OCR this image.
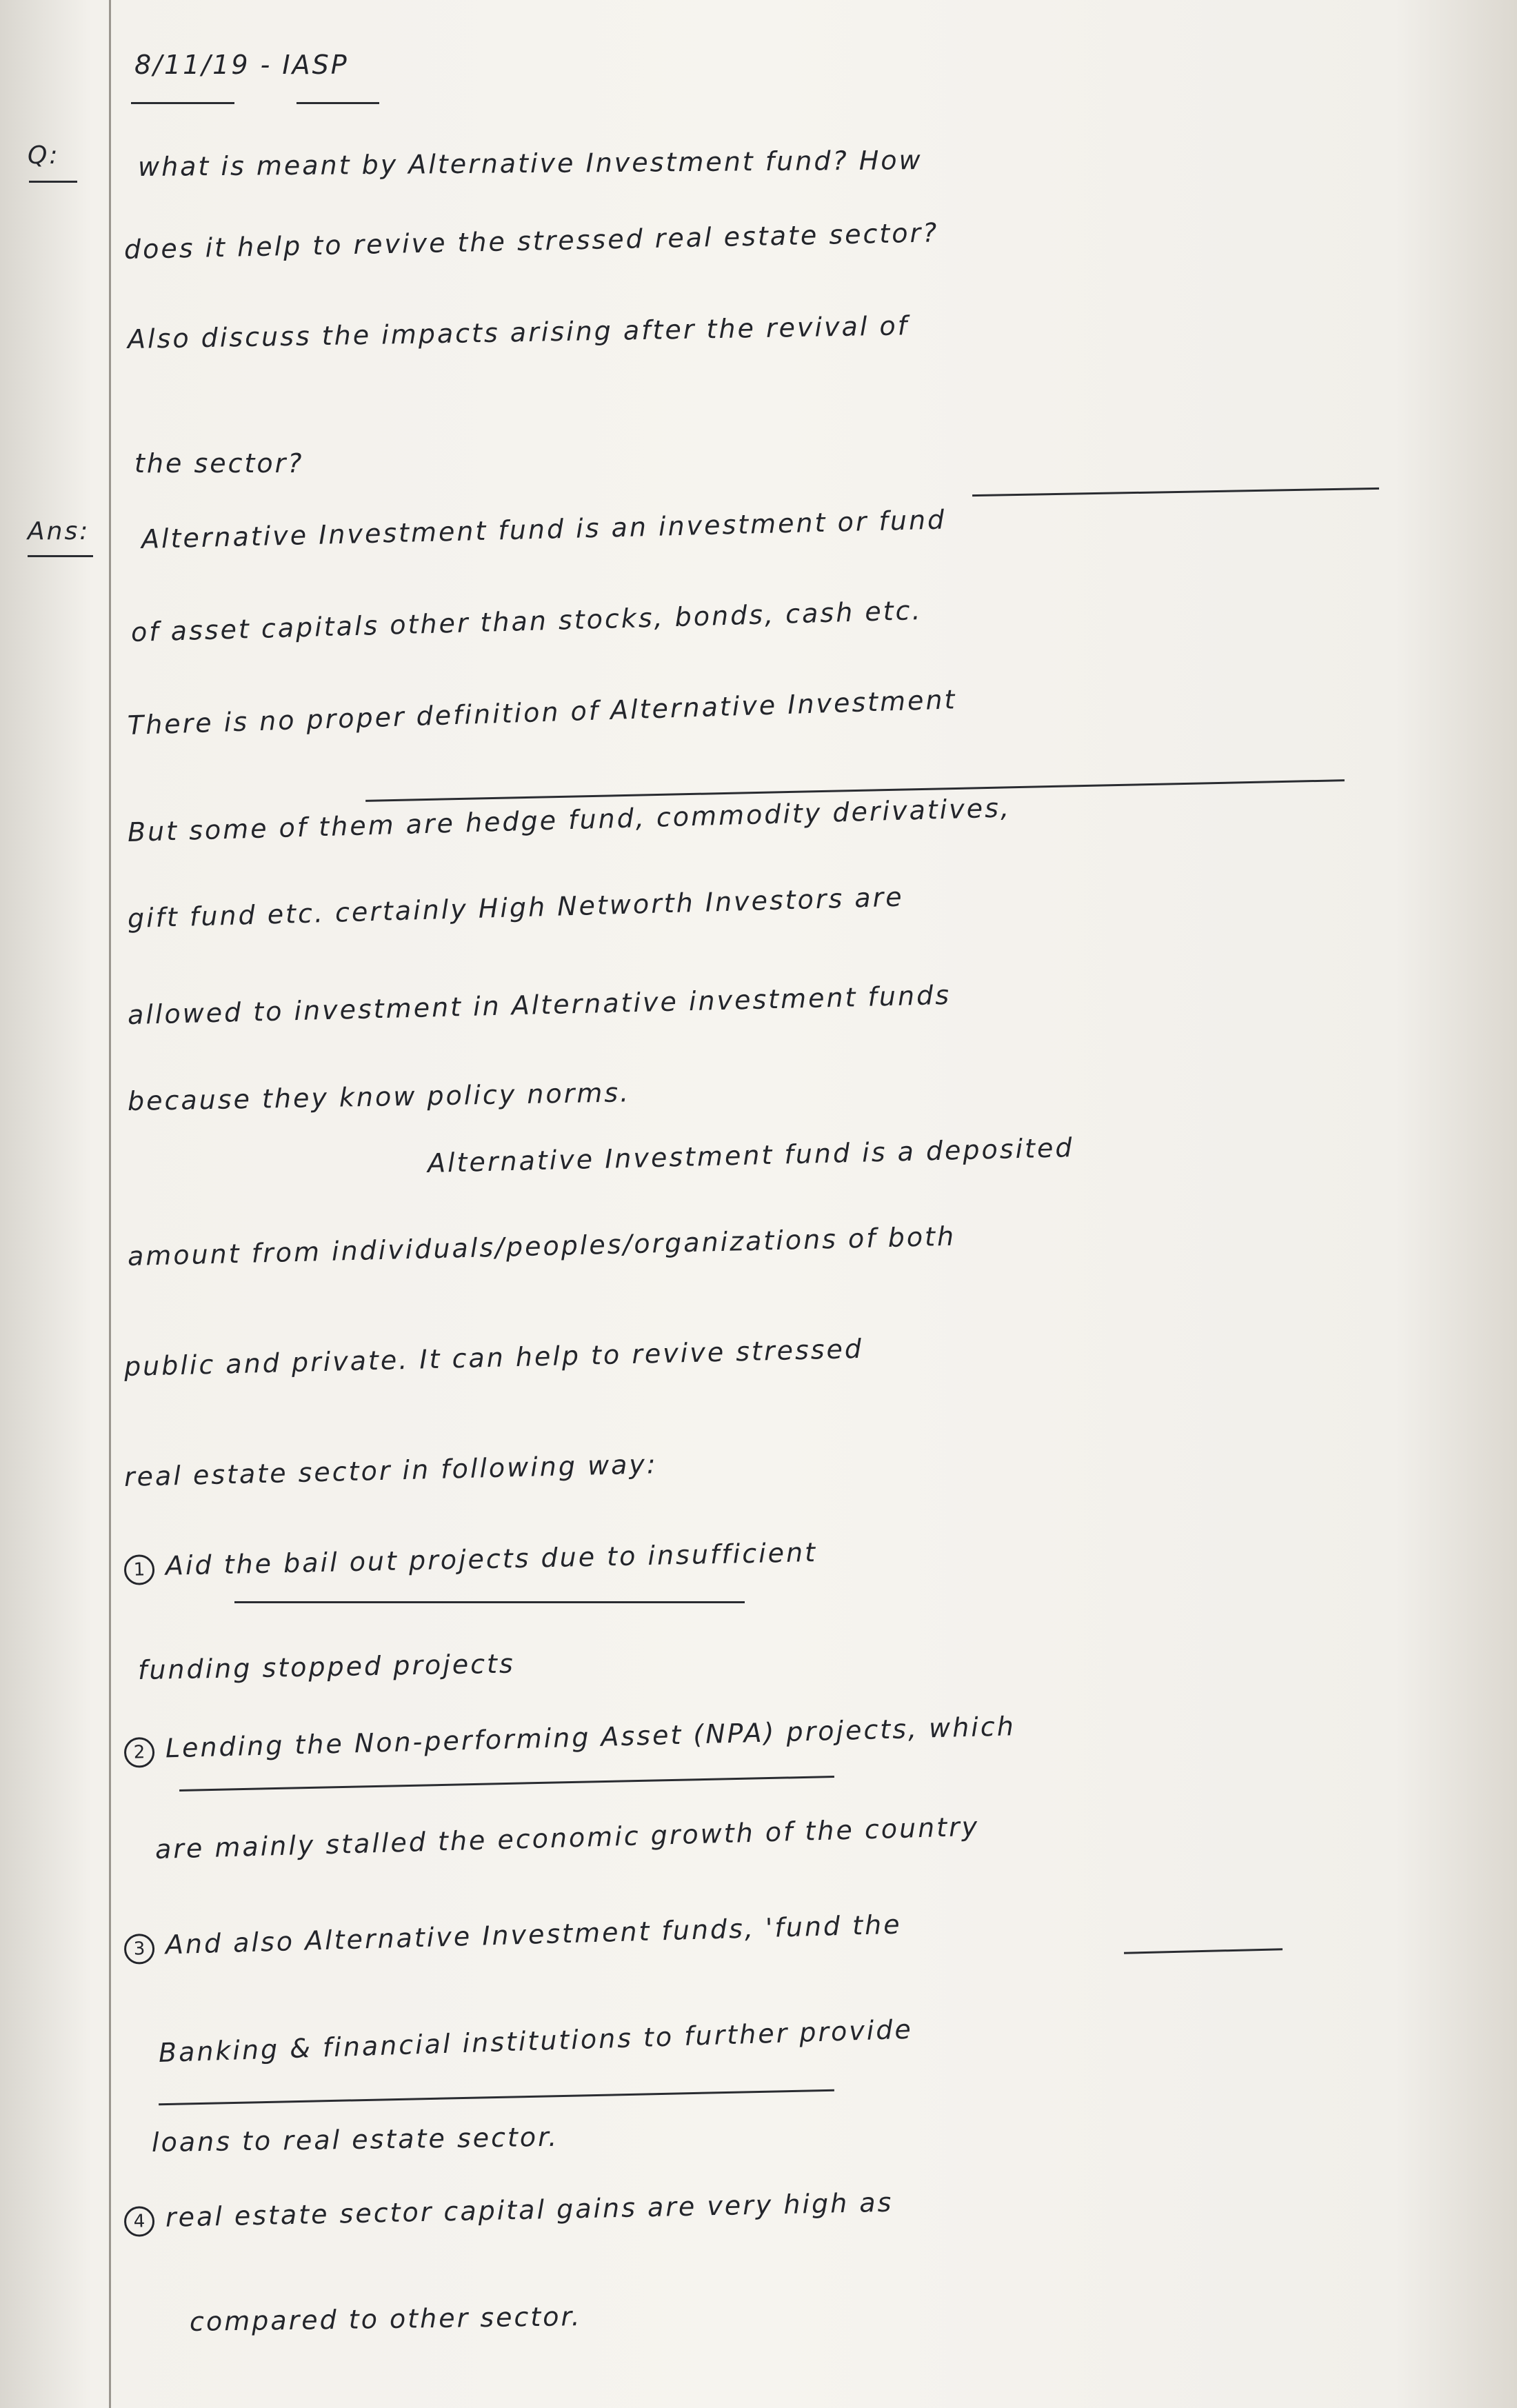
8/11/19 - IASP
Q:	what is meant by Alternative Investment fund? How
does it help to revive the stressed real estate sector?
Also discuss the impacts arising after the revival of
the sector?
Ans: Alternative Investment fund is an investment or fund
of asset capitals other than stocks, bonds, cash etc.
There is no proper definition of Alternative Investment
But some of them are hedge fund, commodity derivatives,
gift fund etc. certainly High Networth Investors are
allowed to investment in Alternative investment funds
because they know policy norms.
Alternative Investment fund is a deposited
amount from individuals/peoples/organizations of both
public and private. It can help to revive stressed
real estate sector in following way:
1 Aid the bail out projects due to insufficient
funding stopped projects
2 Lending the Non-performing Asset (NPA) projects, which
are mainly stalled the economic growth of the country
3 And also Alternative Investment funds, 'fund the
Banking & financial institutions to further provide
loans to real estate sector.
4 real estate sector capital gains are very high as
compared to other sector.
